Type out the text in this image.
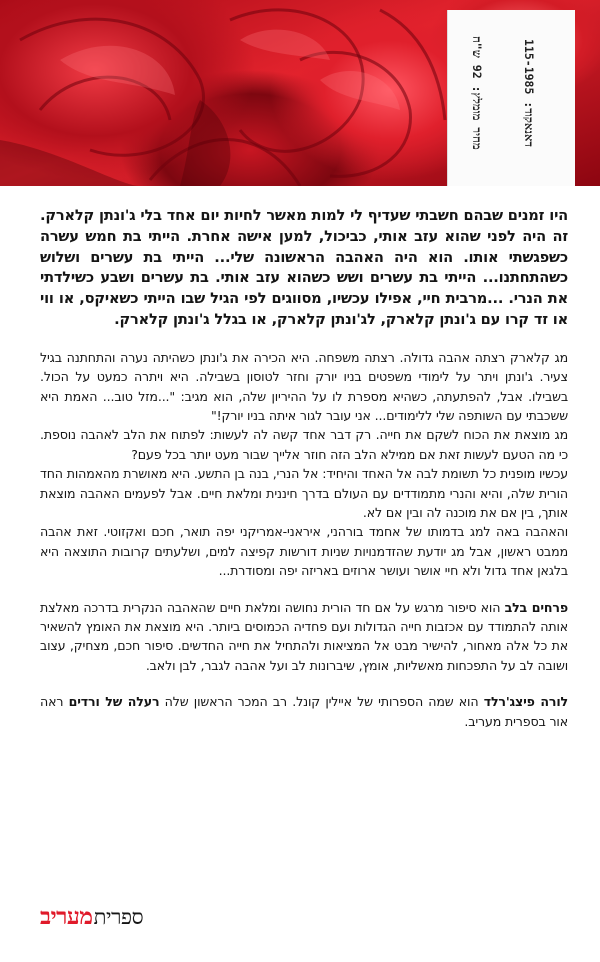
מחיר מומלץ: 92 ש"ח
דאנאקוד: 115-1985

היו זמנים שבהם חשבתי שעדיף לי למות מאשר לחיות יום אחד בלי ג'ונתן קלארק. זה היה לפני שהוא עזב אותי, כביכול, למען אישה אחרת. הייתי בת חמש עשרה כשפגשתי אותו. הוא היה האהבה הראשונה שלי... הייתי בת עשרים ושלוש כשהתחתנו... הייתי בת עשרים ושש כשהוא עזב אותי. בת עשרים ושבע כשילדתי את הנרי. ...מרבית חיי, אפילו עכשיו, מסווגים לפי הגיל שבו הייתי כשאיקס, או ווי או זד קרו עם ג'ונתן קלארק, לג'ונתן קלארק, או בגלל ג'ונתן קלארק.

מג קלארק רצתה אהבה גדולה. רצתה משפחה. היא הכירה את ג'ונתן כשהיתה נערה והתחתנה בגיל צעיר. ג'ונתן ויתר על לימודי משפטים בניו יורק וחזר לטוסון בשבילה. היא ויתרה כמעט על הכול. בשבילו. אבל, להפתעתה, כשהיא מספרת לו על ההיריון שלה, הוא מגיב: "...מזל טוב... האמת היא ששכבתי עם השותפה שלי ללימודים... אני עובר לגור איתה בניו יורק!"

מג מוצאת את הכוח לשקם את חייה. רק דבר אחד קשה לה לעשות: לפתוח את הלב לאהבה נוספת. כי מה הטעם לעשות זאת אם ממילא הלב הזה חוזר אלייך שבור מעט יותר בכל פעם?

עכשיו מופנית כל תשומת לבה אל האחד והיחיד: אל הנרי, בנה בן התשע. היא מאושרת מהאמהות החד הורית שלה, והיא והנרי מתמודדים עם העולם בדרך חיננית ומלאת חיים. אבל לפעמים האהבה מוצאת אותך, בין אם את מוכנה לה ובין אם לא.

והאהבה באה למג בדמותו של אחמד בורהני, איראני-אמריקני יפה תואר, חכם ואקזוטי. זאת אהבה ממבט ראשון, אבל מג יודעת שהזדמנויות שניות דורשות קפיצה למים, ושלעתים קרובות התוצאה היא בלגאן אחד גדול ולא חיי אושר ועושר ארוזים באריזה יפה ומסודרת...

פרחים בלב הוא סיפור מרגש על אם חד הורית נחושה ומלאת חיים שהאהבה הנקרית בדרכה מאלצת אותה להתמודד עם אכזבות חייה הגדולות ועם פחדיה הכמוסים ביותר. היא מוצאת את האומץ להשאיר את כל אלה מאחור, להישיר מבט אל המציאות ולהתחיל את חייה החדשים. סיפור חכם, מצחיק, עצוב ושובה לב על התפכחות מאשליות, אומץ, שיברונות לב ועל אהבה לגבר, לבן ולאב.

לורה פיצג'רלד הוא שמה הספרותי של איילין קונל. רב המכר הראשון שלה רעלה של ורדים ראה אור בספרית מעריב.

מעריב ספרית
